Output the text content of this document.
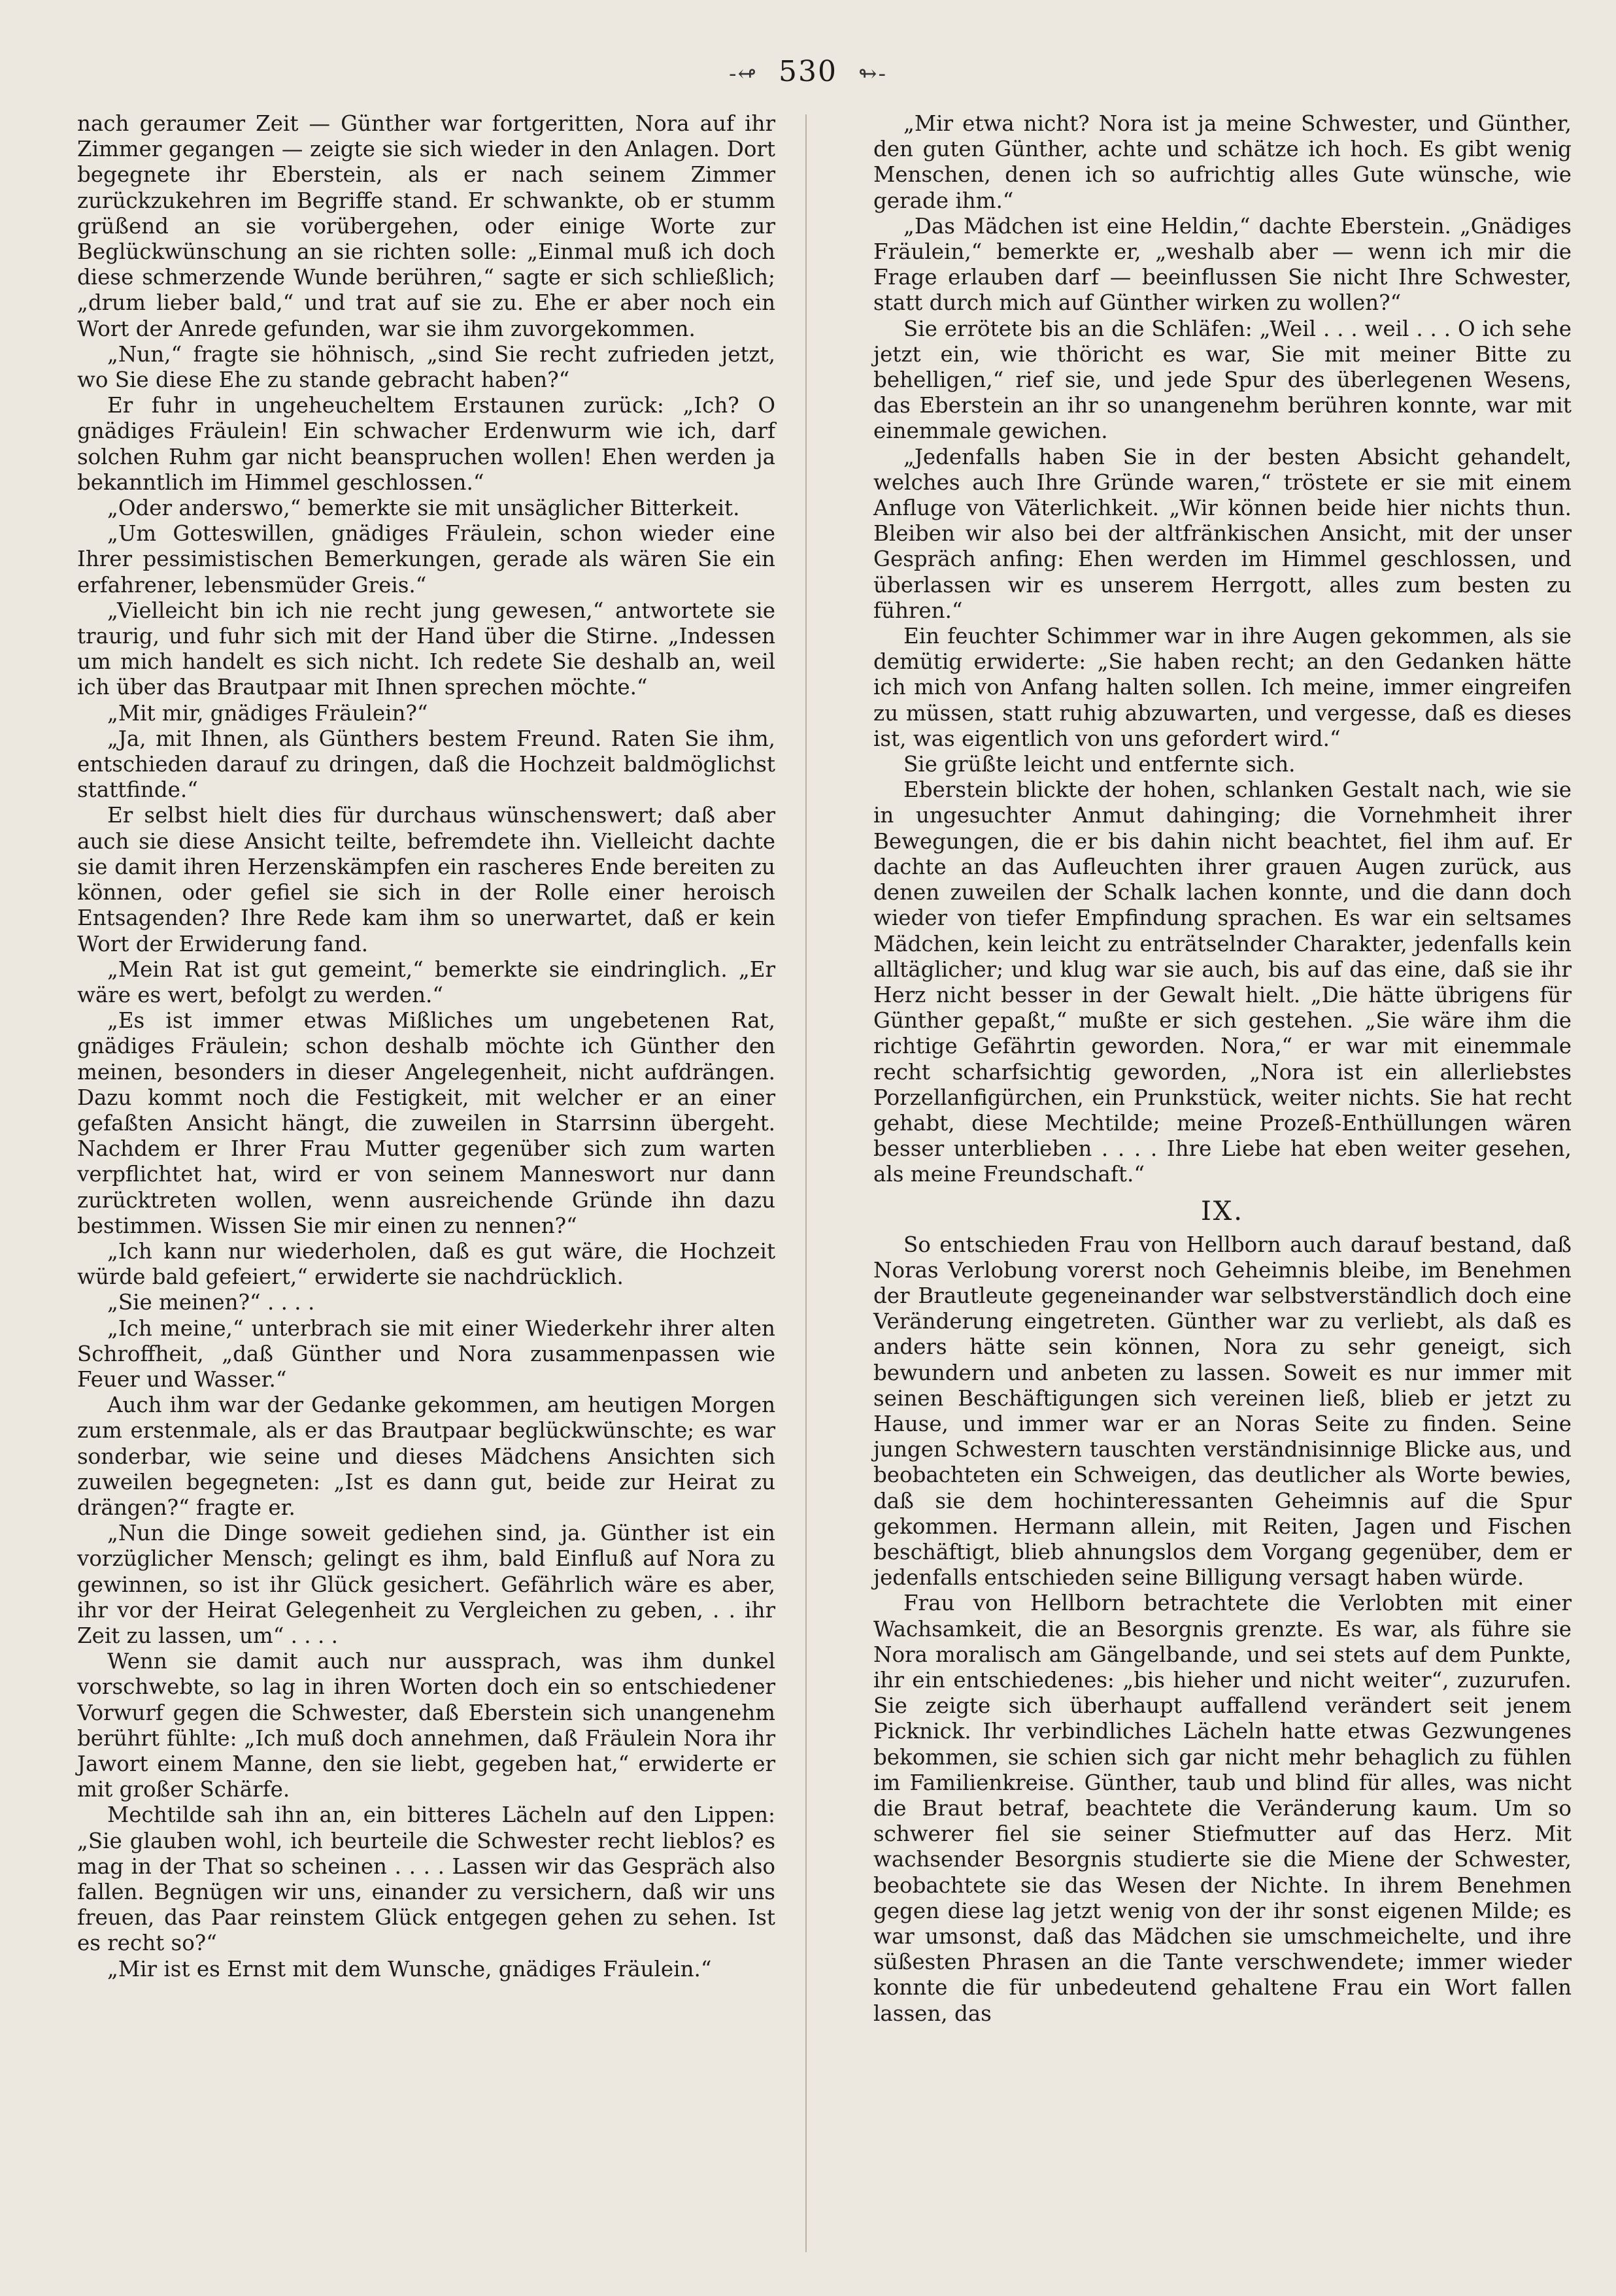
-↫ 530 ↬-

nach geraumer Zeit — Günther war fortgeritten, Nora auf ihr Zimmer gegangen — zeigte sie sich wieder in den Anlagen. Dort begegnete ihr Eberstein, als er nach seinem Zimmer zurückzukehren im Begriffe stand. Er schwankte, ob er stumm grüßend an sie vorübergehen, oder einige Worte zur Beglückwünschung an sie richten solle: „Einmal muß ich doch diese schmerzende Wunde berühren,“ sagte er sich schließlich; „drum lieber bald,“ und trat auf sie zu. Ehe er aber noch ein Wort der Anrede gefunden, war sie ihm zuvorgekommen.

„Nun,“ fragte sie höhnisch, „sind Sie recht zufrieden jetzt, wo Sie diese Ehe zu stande gebracht haben?“

Er fuhr in ungeheucheltem Erstaunen zurück: „Ich? O gnädiges Fräulein! Ein schwacher Erdenwurm wie ich, darf solchen Ruhm gar nicht beanspruchen wollen! Ehen werden ja bekanntlich im Himmel geschlossen.“

„Oder anderswo,“ bemerkte sie mit unsäglicher Bitterkeit.

„Um Gotteswillen, gnädiges Fräulein, schon wieder eine Ihrer pessimistischen Bemerkungen, gerade als wären Sie ein erfahrener, lebensmüder Greis.“

„Vielleicht bin ich nie recht jung gewesen,“ antwortete sie traurig, und fuhr sich mit der Hand über die Stirne. „Indessen um mich handelt es sich nicht. Ich redete Sie deshalb an, weil ich über das Brautpaar mit Ihnen sprechen möchte.“

„Mit mir, gnädiges Fräulein?“

„Ja, mit Ihnen, als Günthers bestem Freund. Raten Sie ihm, entschieden darauf zu dringen, daß die Hochzeit baldmöglichst stattfinde.“

Er selbst hielt dies für durchaus wünschenswert; daß aber auch sie diese Ansicht teilte, befremdete ihn. Vielleicht dachte sie damit ihren Herzenskämpfen ein rascheres Ende bereiten zu können, oder gefiel sie sich in der Rolle einer heroisch Entsagenden? Ihre Rede kam ihm so unerwartet, daß er kein Wort der Erwiderung fand.

„Mein Rat ist gut gemeint,“ bemerkte sie eindringlich. „Er wäre es wert, befolgt zu werden.“

„Es ist immer etwas Mißliches um ungebetenen Rat, gnädiges Fräulein; schon deshalb möchte ich Günther den meinen, besonders in dieser Angelegenheit, nicht aufdrängen. Dazu kommt noch die Festigkeit, mit welcher er an einer gefaßten Ansicht hängt, die zuweilen in Starrsinn übergeht. Nachdem er Ihrer Frau Mutter gegenüber sich zum warten verpflichtet hat, wird er von seinem Manneswort nur dann zurücktreten wollen, wenn ausreichende Gründe ihn dazu bestimmen. Wissen Sie mir einen zu nennen?“

„Ich kann nur wiederholen, daß es gut wäre, die Hochzeit würde bald gefeiert,“ erwiderte sie nachdrücklich.

„Sie meinen?“ . . . .

„Ich meine,“ unterbrach sie mit einer Wiederkehr ihrer alten Schroffheit, „daß Günther und Nora zusammenpassen wie Feuer und Wasser.“

Auch ihm war der Gedanke gekommen, am heutigen Morgen zum erstenmale, als er das Brautpaar beglückwünschte; es war sonderbar, wie seine und dieses Mädchens Ansichten sich zuweilen begegneten: „Ist es dann gut, beide zur Heirat zu drängen?“ fragte er.

„Nun die Dinge soweit gediehen sind, ja. Günther ist ein vorzüglicher Mensch; gelingt es ihm, bald Einfluß auf Nora zu gewinnen, so ist ihr Glück gesichert. Gefährlich wäre es aber, ihr vor der Heirat Gelegenheit zu Vergleichen zu geben, . . ihr Zeit zu lassen, um“ . . . .

Wenn sie damit auch nur aussprach, was ihm dunkel vorschwebte, so lag in ihren Worten doch ein so entschiedener Vorwurf gegen die Schwester, daß Eberstein sich unangenehm berührt fühlte: „Ich muß doch annehmen, daß Fräulein Nora ihr Jawort einem Manne, den sie liebt, gegeben hat,“ erwiderte er mit großer Schärfe.

Mechtilde sah ihn an, ein bitteres Lächeln auf den Lippen: „Sie glauben wohl, ich beurteile die Schwester recht lieblos? es mag in der That so scheinen . . . . Lassen wir das Gespräch also fallen. Begnügen wir uns, einander zu versichern, daß wir uns freuen, das Paar reinstem Glück entgegen gehen zu sehen. Ist es recht so?“

„Mir ist es Ernst mit dem Wunsche, gnädiges Fräulein.“

„Mir etwa nicht? Nora ist ja meine Schwester, und Günther, den guten Günther, achte und schätze ich hoch. Es gibt wenig Menschen, denen ich so aufrichtig alles Gute wünsche, wie gerade ihm.“

„Das Mädchen ist eine Heldin,“ dachte Eberstein. „Gnädiges Fräulein,“ bemerkte er, „weshalb aber — wenn ich mir die Frage erlauben darf — beeinflussen Sie nicht Ihre Schwester, statt durch mich auf Günther wirken zu wollen?“

Sie errötete bis an die Schläfen: „Weil . . . weil . . . O ich sehe jetzt ein, wie thöricht es war, Sie mit meiner Bitte zu behelligen,“ rief sie, und jede Spur des überlegenen Wesens, das Eberstein an ihr so unangenehm berühren konnte, war mit einemmale gewichen.

„Jedenfalls haben Sie in der besten Absicht gehandelt, welches auch Ihre Gründe waren,“ tröstete er sie mit einem Anfluge von Väterlichkeit. „Wir können beide hier nichts thun. Bleiben wir also bei der altfränkischen Ansicht, mit der unser Gespräch anfing: Ehen werden im Himmel geschlossen, und überlassen wir es unserem Herrgott, alles zum besten zu führen.“

Ein feuchter Schimmer war in ihre Augen gekommen, als sie demütig erwiderte: „Sie haben recht; an den Gedanken hätte ich mich von Anfang halten sollen. Ich meine, immer eingreifen zu müssen, statt ruhig abzuwarten, und vergesse, daß es dieses ist, was eigentlich von uns gefordert wird.“

Sie grüßte leicht und entfernte sich.

Eberstein blickte der hohen, schlanken Gestalt nach, wie sie in ungesuchter Anmut dahinging; die Vornehmheit ihrer Bewegungen, die er bis dahin nicht beachtet, fiel ihm auf. Er dachte an das Aufleuchten ihrer grauen Augen zurück, aus denen zuweilen der Schalk lachen konnte, und die dann doch wieder von tiefer Empfindung sprachen. Es war ein seltsames Mädchen, kein leicht zu enträtselnder Charakter, jedenfalls kein alltäglicher; und klug war sie auch, bis auf das eine, daß sie ihr Herz nicht besser in der Gewalt hielt. „Die hätte übrigens für Günther gepaßt,“ mußte er sich gestehen. „Sie wäre ihm die richtige Gefährtin geworden. Nora,“ er war mit einemmale recht scharfsichtig geworden, „Nora ist ein allerliebstes Porzellanfigürchen, ein Prunkstück, weiter nichts. Sie hat recht gehabt, diese Mechtilde; meine Prozeß-Enthüllungen wären besser unterblieben . . . . Ihre Liebe hat eben weiter gesehen, als meine Freundschaft.“

IX.

So entschieden Frau von Hellborn auch darauf bestand, daß Noras Verlobung vorerst noch Geheimnis bleibe, im Benehmen der Brautleute gegeneinander war selbstverständlich doch eine Veränderung eingetreten. Günther war zu verliebt, als daß es anders hätte sein können, Nora zu sehr geneigt, sich bewundern und anbeten zu lassen. Soweit es nur immer mit seinen Beschäftigungen sich vereinen ließ, blieb er jetzt zu Hause, und immer war er an Noras Seite zu finden. Seine jungen Schwestern tauschten verständnisinnige Blicke aus, und beobachteten ein Schweigen, das deutlicher als Worte bewies, daß sie dem hochinteressanten Geheimnis auf die Spur gekommen. Hermann allein, mit Reiten, Jagen und Fischen beschäftigt, blieb ahnungslos dem Vorgang gegenüber, dem er jedenfalls entschieden seine Billigung versagt haben würde.

Frau von Hellborn betrachtete die Verlobten mit einer Wachsamkeit, die an Besorgnis grenzte. Es war, als führe sie Nora moralisch am Gängelbande, und sei stets auf dem Punkte, ihr ein entschiedenes: „bis hieher und nicht weiter“, zuzurufen. Sie zeigte sich überhaupt auffallend verändert seit jenem Picknick. Ihr verbindliches Lächeln hatte etwas Gezwungenes bekommen, sie schien sich gar nicht mehr behaglich zu fühlen im Familienkreise. Günther, taub und blind für alles, was nicht die Braut betraf, beachtete die Veränderung kaum. Um so schwerer fiel sie seiner Stiefmutter auf das Herz. Mit wachsender Besorgnis studierte sie die Miene der Schwester, beobachtete sie das Wesen der Nichte. In ihrem Benehmen gegen diese lag jetzt wenig von der ihr sonst eigenen Milde; es war umsonst, daß das Mädchen sie umschmeichelte, und ihre süßesten Phrasen an die Tante verschwendete; immer wieder konnte die für unbedeutend gehaltene Frau ein Wort fallen lassen, das
